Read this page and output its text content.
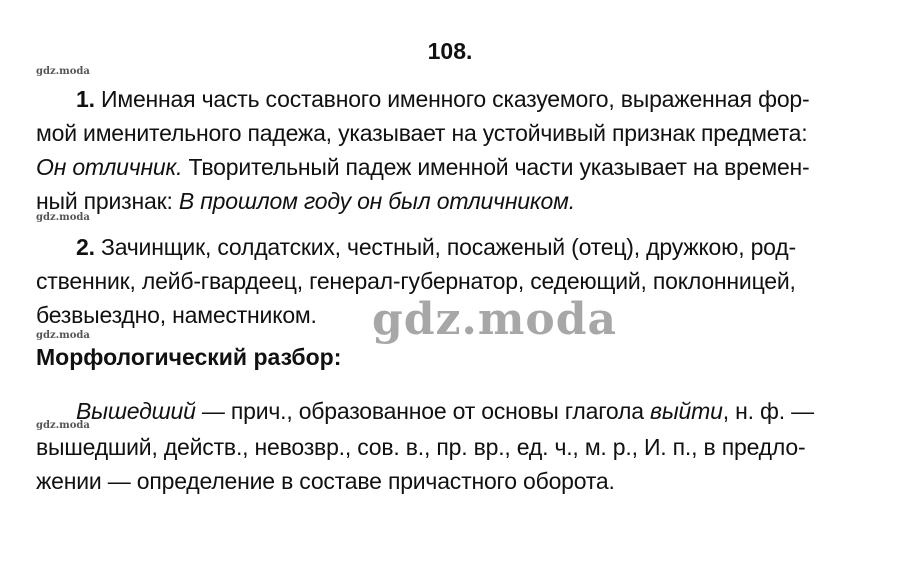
108.
gdz.moda
1. Именная часть составного именного сказуемого, выраженная фор-
мой именительного падежа, указывает на устойчивый признак предмета:
Он отличник. Творительный падеж именной части указывает на времен-
ный признак: В прошлом году он был отличником.
gdz.moda
2. Зачинщик, солдатских, честный, посаженый (отец), дружкою, род-
ственник, лейб-гвардеец, генерал-губернатор, седеющий, поклонницей,
безвыездно, наместником.	gdz.moda
gdz.moda
Морфологический разбор:
Вышедший — прич., образованное от основы глагола выйти, н. ф. —
gdz.moda
вышедший, действ., невозвр., сов. в., пр. вр., ед. ч., м. р., И. п., в предло-
жении — определение в составе причастного оборота.
